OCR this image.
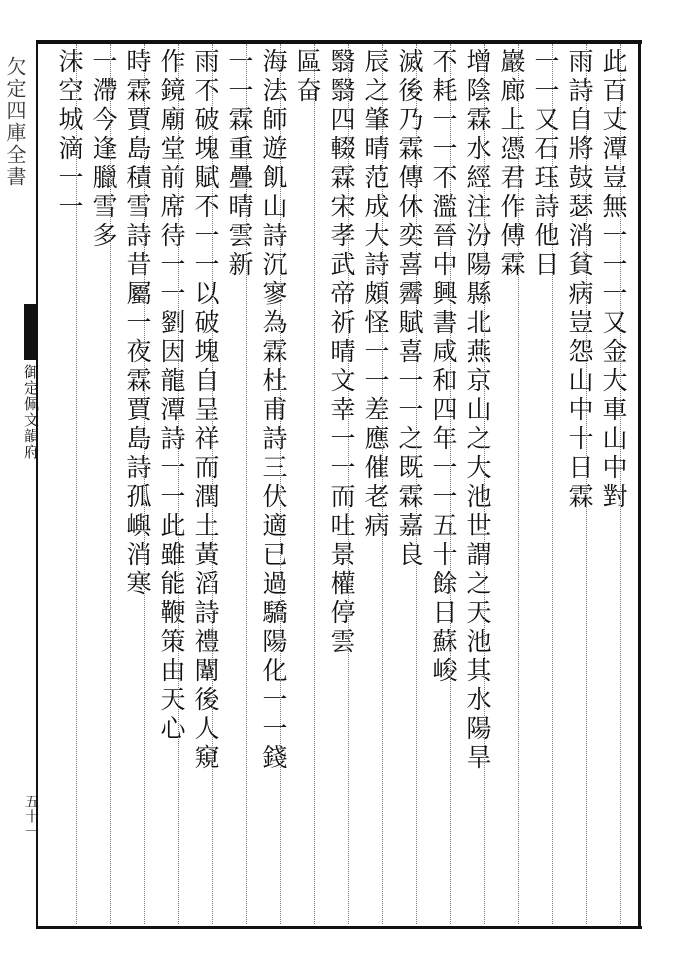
欠定四庫全書
御定佩文韻府
五十一
此百丈潭豈無一一一又金大車山中對
雨詩自將鼓瑟消貧病豈怨山中十日霖
一一又石珏詩他日
巖廊上憑君作傅霖
增陰霖水經注汾陽縣北燕京山之大池世謂之天池其水陽旱
不耗一一不濫晉中興書咸和四年一一五十餘日蘇峻
滅後乃霖傳休奕喜霽賦喜一一之既霖嘉良
辰之肇晴范成大詩頗怪一一差應催老病
翳翳四輟霖宋孝武帝祈晴文幸一一而吐景權停雲
區奋
海法師遊飢山詩沉寥為霖杜甫詩三伏適已過驕陽化一一錢
一一霖重疊晴雲新
雨不破塊賦不一一以破塊自呈祥而潤土黃滔詩禮闈後人窺
作鏡廟堂前席待一一劉因龍潭詩一一此雖能鞭策由天心
時霖賈島積雪詩昔屬一夜霖賈島詩孤嶼消寒
一滯今逢臘雪多
沫空城滴一一
